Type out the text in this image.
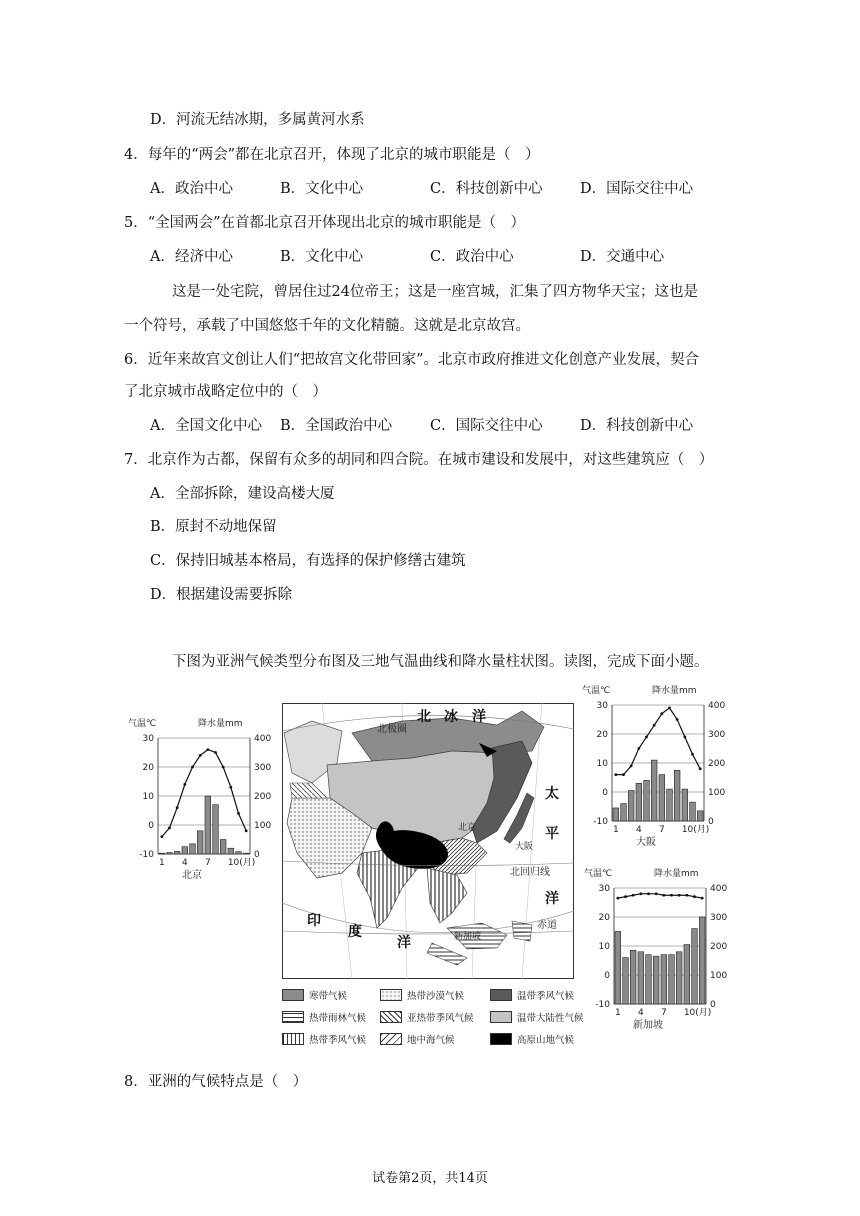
D．河流无结冰期，多属黄河水系
4．每年的“两会”都在北京召开，体现了北京的城市职能是（　）
A．政治中心	B．文化中心	C．科技创新中心	D．国际交往中心
5．“全国两会”在首都北京召开体现出北京的城市职能是（　）
A．经济中心	B．文化中心	C．政治中心	D．交通中心
这是一处宅院，曾居住过24位帝王；这是一座宫城，汇集了四方物华天宝；这也是
一个符号，承载了中国悠悠千年的文化精髓。这就是北京故宫。
6．近年来故宫文创让人们“把故宫文化带回家”。北京市政府推进文化创意产业发展，契合
了北京城市战略定位中的（　）
A．全国文化中心 B．全国政治中心	C．国际交往中心	D．科技创新中心
7．北京作为古都，保留有众多的胡同和四合院。在城市建设和发展中，对这些建筑应（　）
A．全部拆除，建设高楼大厦
B．原封不动地保留
C．保持旧城基本格局，有选择的保护修缮古建筑
D．根据建设需要拆除
下图为亚洲气候类型分布图及三地气温曲线和降水量柱状图。读图，完成下面小题。
气温℃	降水量mm
30
20
10
0
-10
400
300
200
100
0
1 4 7 10(月)
北京
气温℃	降水量mm
30
20
10
0
-10
400
300
200
100
0
1 4 7 10(月)
大阪
气温℃	降水量mm
30
20
10
0
-10
400
300
200
100
0
1 4 7 10(月)
新加坡
北极圈
北 冰 洋
太
平
洋
印
度
洋
北回归线
赤道
北京
大阪
新加坡
寒带气候	热带沙漠气候	温带季风气候
热带雨林气候	亚热带季风气候	温带大陆性气候
热带季风气候	地中海气候	高原山地气候
8．亚洲的气候特点是（　）
试卷第2页，共14页
